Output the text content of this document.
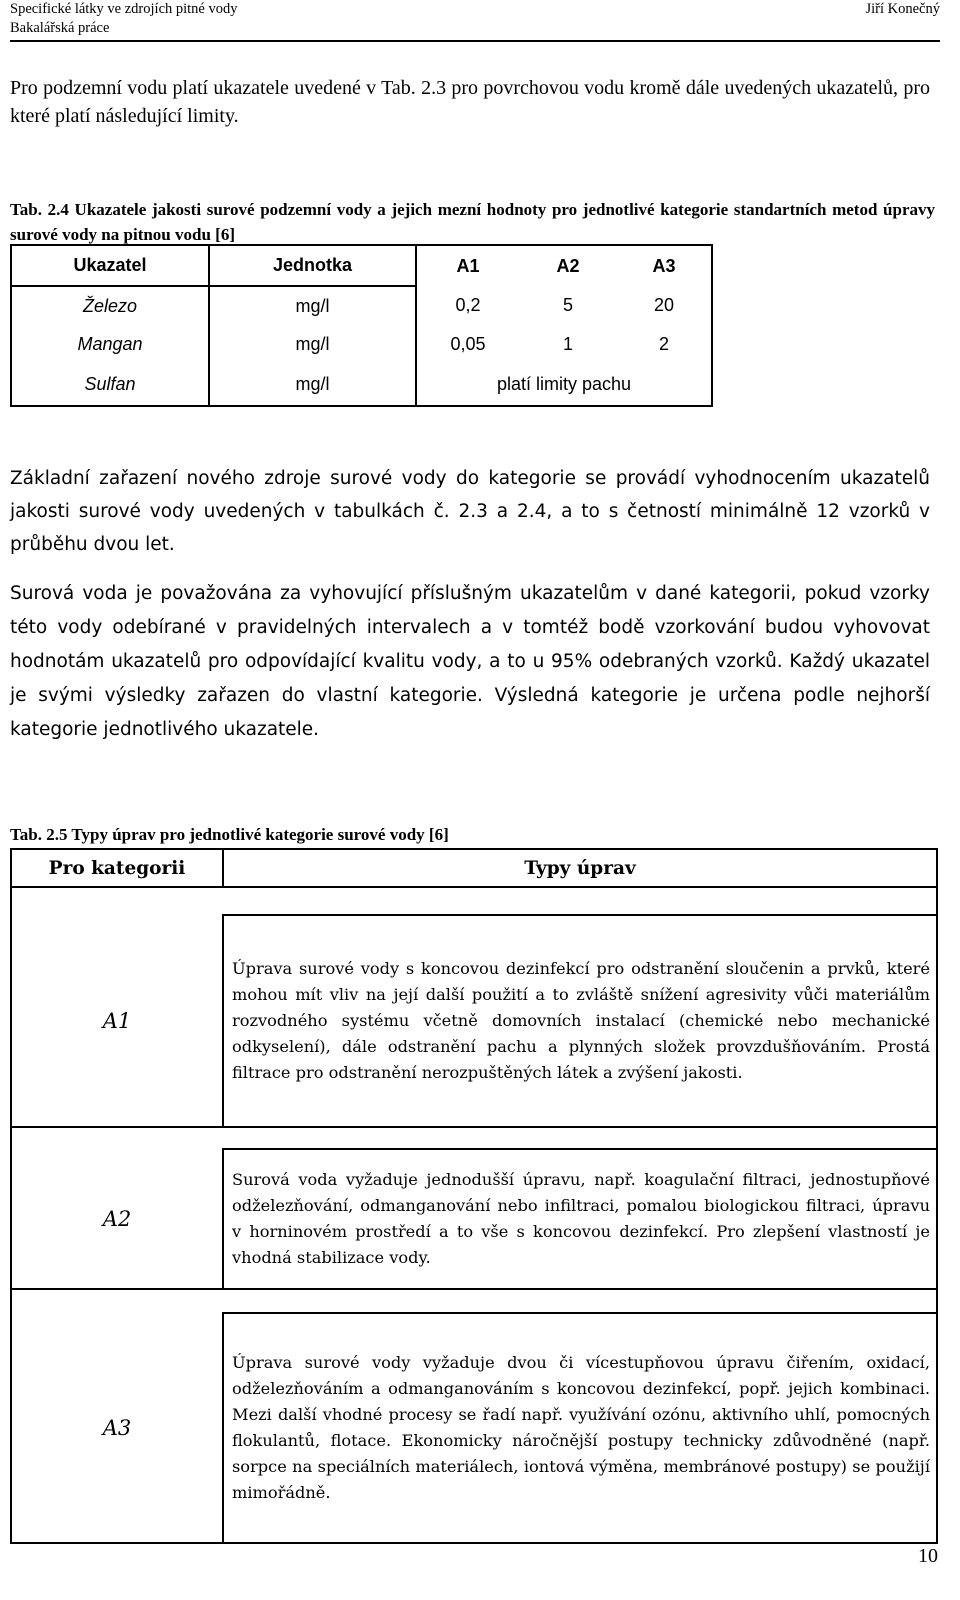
Specifické látky ve zdrojích pitné vody
Bakalářská práce
Jiří Konečný
Pro podzemní vodu platí ukazatele uvedené v Tab. 2.3 pro povrchovou vodu kromě dále uvedených ukazatelů, pro které platí následující limity.
Tab. 2.4 Ukazatele jakosti surové podzemní vody a jejich mezní hodnoty pro jednotlivé kategorie standartních metod úpravy surové vody na pitnou vodu [6]
Ukazatel	Jednotka	A1	A2	A3
Železo	mg/l	0,2	5	20
Mangan	mg/l	0,05	1	2
Sulfan	mg/l	platí limity pachu		
Základní zařazení nového zdroje surové vody do kategorie se provádí vyhodnocením ukazatelů jakosti surové vody uvedených v tabulkách č. 2.3 a 2.4, a to s četností minimálně 12 vzorků v průběhu dvou let.
Surová voda je považována za vyhovující příslušným ukazatelům v dané kategorii, pokud vzorky této vody odebírané v pravidelných intervalech a v tomtéž bodě vzorkování budou vyhovovat hodnotám ukazatelů pro odpovídající kvalitu vody, a to u 95% odebraných vzorků. Každý ukazatel je svými výsledky zařazen do vlastní kategorie. Výsledná kategorie je určena podle nejhorší kategorie jednotlivého ukazatele.
Tab. 2.5 Typy úprav pro jednotlivé kategorie surové vody [6]
Pro kategorii	Typy úprav

A1	Úprava surové vody s koncovou dezinfekcí pro odstranění sloučenin a prvků, které mohou mít vliv na její další použití a to zvláště snížení agresivity vůči materiálům rozvodného systému včetně domovních instalací (chemické nebo mechanické odkyselení), dále odstranění pachu a plynných složek provzdušňováním. Prostá filtrace pro odstranění nerozpuštěných látek a zvýšení jakosti.

A2	Surová voda vyžaduje jednodušší úpravu, např. koagulační filtraci, jednostupňové odželezňování, odmanganování nebo infiltraci, pomalou biologickou filtraci, úpravu v horninovém prostředí a to vše s koncovou dezinfekcí. Pro zlepšení vlastností je vhodná stabilizace vody.

A3	Úprava surové vody vyžaduje dvou či vícestupňovou úpravu čiřením, oxidací, odželezňováním a odmanganováním s koncovou dezinfekcí, popř. jejich kombinaci. Mezi další vhodné procesy se řadí např. využívání ozónu, aktivního uhlí, pomocných flokulantů, flotace. Ekonomicky náročnější postupy technicky zdůvodněné (např. sorpce na speciálních materiálech, iontová výměna, membránové postupy) se použijí mimořádně.
10
